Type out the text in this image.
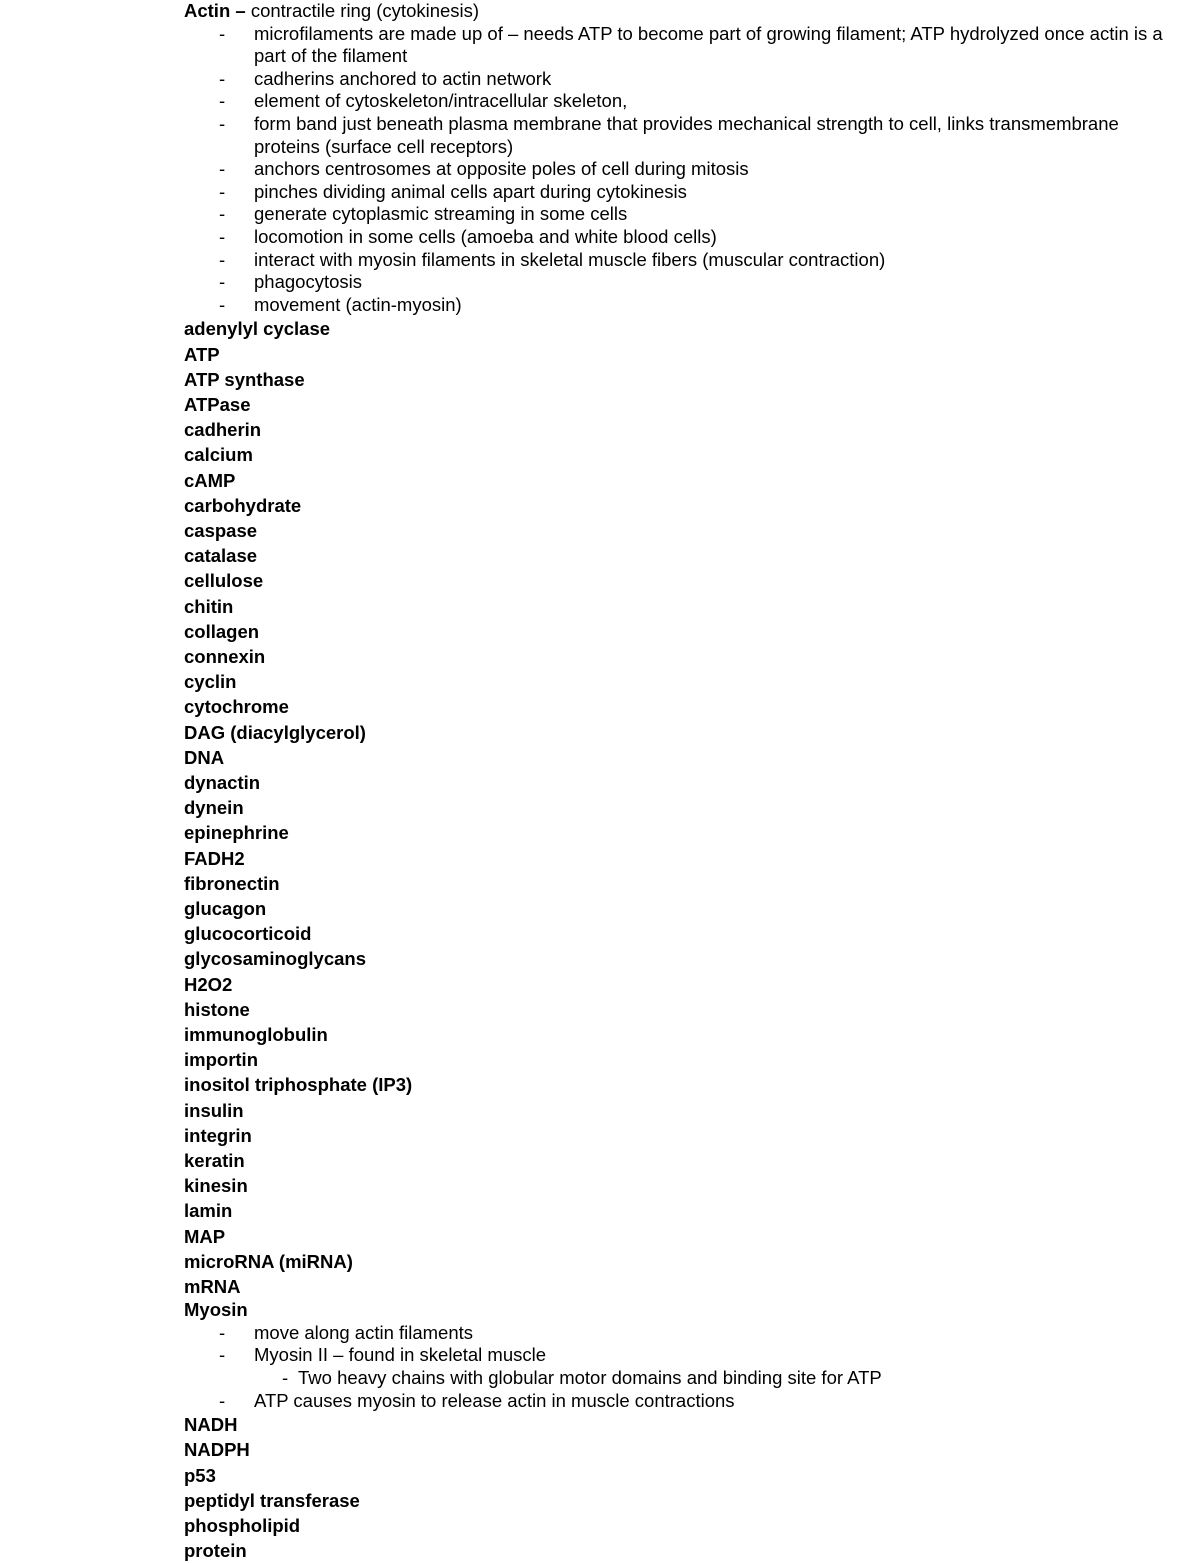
Actin – contractile ring (cytokinesis)

- microfilaments are made up of – needs ATP to become part of growing filament; ATP hydrolyzed once actin is a part of the filament
- cadherins anchored to actin network
- element of cytoskeleton/intracellular skeleton,
- form band just beneath plasma membrane that provides mechanical strength to cell, links transmembrane proteins (surface cell receptors)
- anchors centrosomes at opposite poles of cell during mitosis
- pinches dividing animal cells apart during cytokinesis
- generate cytoplasmic streaming in some cells
- locomotion in some cells (amoeba and white blood cells)
- interact with myosin filaments in skeletal muscle fibers (muscular contraction)
- phagocytosis
- movement (actin-myosin)
adenylyl cyclase
ATP
ATP synthase
ATPase
cadherin
calcium
cAMP
carbohydrate
caspase
catalase
cellulose
chitin
collagen
connexin
cyclin
cytochrome
DAG (diacylglycerol)
DNA
dynactin
dynein
epinephrine
FADH2
fibronectin
glucagon
glucocorticoid
glycosaminoglycans
H2O2
histone
immunoglobulin
importin
inositol triphosphate (IP3)
insulin
integrin
keratin
kinesin
lamin
MAP
microRNA (miRNA)
mRNA

Myosin

- move along actin filaments
- Myosin II – found in skeletal muscle
- Two heavy chains with globular motor domains and binding site for ATP
- ATP causes myosin to release actin in muscle contractions
NADH
NADPH
p53
peptidyl transferase
phospholipid
protein
